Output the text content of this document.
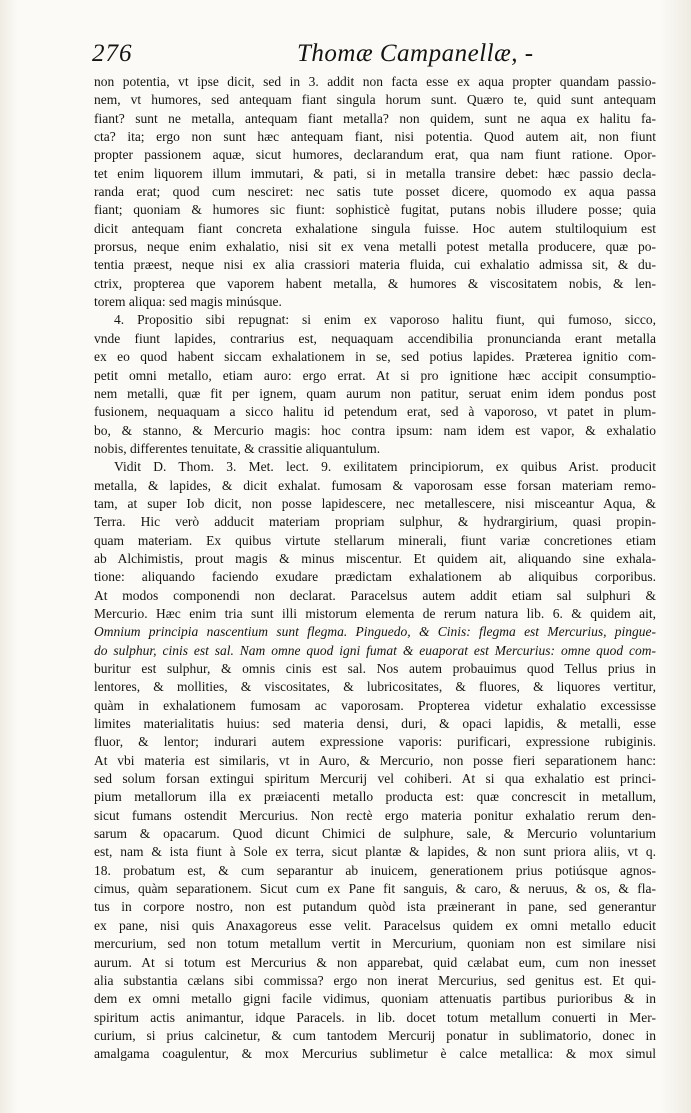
276	Thomæ Campanellæ, -
non potentia, vt ipse dicit, sed in 3. addit non facta esse ex aqua propter quandam passio-
nem, vt humores, sed antequam fiant singula horum sunt. Quæro te, quid sunt antequam
fiant? sunt ne metalla, antequam fiant metalla? non quidem, sunt ne aqua ex halitu fa-
cta? ita; ergo non sunt hæc antequam fiant, nisi potentia. Quod autem ait, non fiunt
propter passionem aquæ, sicut humores, declarandum erat, qua nam fiunt ratione. Opor-
tet enim liquorem illum immutari, & pati, si in metalla transire debet: hæc passio decla-
randa erat; quod cum nesciret: nec satis tute posset dicere, quomodo ex aqua passa
fiant; quoniam & humores sic fiunt: sophisticè fugitat, putans nobis illudere posse; quia
dicit antequam fiant concreta exhalatione singula fuisse. Hoc autem stultiloquium est
prorsus, neque enim exhalatio, nisi sit ex vena metalli potest metalla producere, quæ po-
tentia præest, neque nisi ex alia crassiori materia fluida, cui exhalatio admissa sit, & du-
ctrix, propterea que vaporem habent metalla, & humores & viscositatem nobis, & len-
torem aliqua: sed magis minúsque.
4. Propositio sibi repugnat: si enim ex vaporoso halitu fiunt, qui fumoso, sicco,
vnde fiunt lapides, contrarius est, nequaquam accendibilia pronuncianda erant metalla
ex eo quod habent siccam exhalationem in se, sed potius lapides. Præterea ignitio com-
petit omni metallo, etiam auro: ergo errat. At si pro ignitione hæc accipit consumptio-
nem metalli, quæ fit per ignem, quam aurum non patitur, seruat enim idem pondus post
fusionem, nequaquam a sicco halitu id petendum erat, sed à vaporoso, vt patet in plum-
bo, & stanno, & Mercurio magis: hoc contra ipsum: nam idem est vapor, & exhalatio
nobis, differentes tenuitate, & crassitie aliquantulum.
Vidit D. Thom. 3. Met. lect. 9. exilitatem principiorum, ex quibus Arist. producit
metalla, & lapides, & dicit exhalat. fumosam & vaporosam esse forsan materiam remo-
tam, at super Iob dicit, non posse lapidescere, nec metallescere, nisi misceantur Aqua, &
Terra. Hic verò adducit materiam propriam sulphur, & hydrargirium, quasi propin-
quam materiam. Ex quibus virtute stellarum minerali, fiunt variæ concretiones etiam
ab Alchimistis, prout magis & minus miscentur. Et quidem ait, aliquando sine exhala-
tione: aliquando faciendo exudare prædictam exhalationem ab aliquibus corporibus.
At modos componendi non declarat. Paracelsus autem addit etiam sal sulphuri &
Mercurio. Hæc enim tria sunt illi mistorum elementa de rerum natura lib. 6. & quidem ait,
Omnium principia nascentium sunt flegma. Pinguedo, & Cinis: flegma est Mercurius, pingue-
do sulphur, cinis est sal. Nam omne quod igni fumat & euaporat est Mercurius: omne quod com-
buritur est sulphur, & omnis cinis est sal. Nos autem probauimus quod Tellus prius in
lentores, & mollities, & viscositates, & lubricositates, & fluores, & liquores vertitur,
quàm in exhalationem fumosam ac vaporosam. Propterea videtur exhalatio excessisse
limites materialitatis huius: sed materia densi, duri, & opaci lapidis, & metalli, esse
fluor, & lentor; indurari autem expressione vaporis: purificari, expressione rubiginis.
At vbi materia est similaris, vt in Auro, & Mercurio, non posse fieri separationem hanc:
sed solum forsan extingui spiritum Mercurij vel cohiberi. At si qua exhalatio est princi-
pium metallorum illa ex præiacenti metallo producta est: quæ concrescit in metallum,
sicut fumans ostendit Mercurius. Non rectè ergo materia ponitur exhalatio rerum den-
sarum & opacarum. Quod dicunt Chimici de sulphure, sale, & Mercurio voluntarium
est, nam & ista fiunt à Sole ex terra, sicut plantæ & lapides, & non sunt priora aliis, vt q.
18. probatum est, & cum separantur ab inuicem, generationem prius potiúsque agnos-
cimus, quàm separationem. Sicut cum ex Pane fit sanguis, & caro, & neruus, & os, & fla-
tus in corpore nostro, non est putandum quòd ista præinerant in pane, sed generantur
ex pane, nisi quis Anaxagoreus esse velit. Paracelsus quidem ex omni metallo educit
mercurium, sed non totum metallum vertit in Mercurium, quoniam non est similare nisi
aurum. At si totum est Mercurius & non apparebat, quid cælabat eum, cum non inesset
alia substantia cælans sibi commissa? ergo non inerat Mercurius, sed genitus est. Et qui-
dem ex omni metallo gigni facile vidimus, quoniam attenuatis partibus purioribus & in
spiritum actis animantur, idque Paracels. in lib. docet totum metallum conuerti in Mer-
curium, si prius calcinetur, & cum tantodem Mercurij ponatur in sublimatorio, donec in
amalgama coagulentur, & mox Mercurius sublimetur è calce metallica: & mox simul
